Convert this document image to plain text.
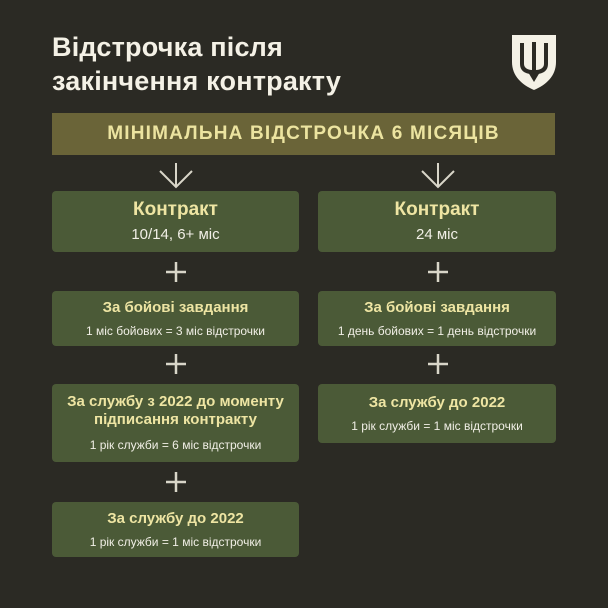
Відстрочка після
закінчення контракту
МІНІМАЛЬНА ВІДСТРОЧКА 6 МІСЯЦІВ
Контракт
10/14, 6+ міс
За бойові завдання
1 міс бойових = 3 міс відстрочки
За службу з 2022 до моменту
підписання контракту
1 рік служби = 6 міс відстрочки
За службу до 2022
1 рік служби = 1 міс відстрочки
Контракт
24 міс
За бойові завдання
1 день бойових = 1 день відстрочки
За службу до 2022
1 рік служби = 1 міс відстрочки
